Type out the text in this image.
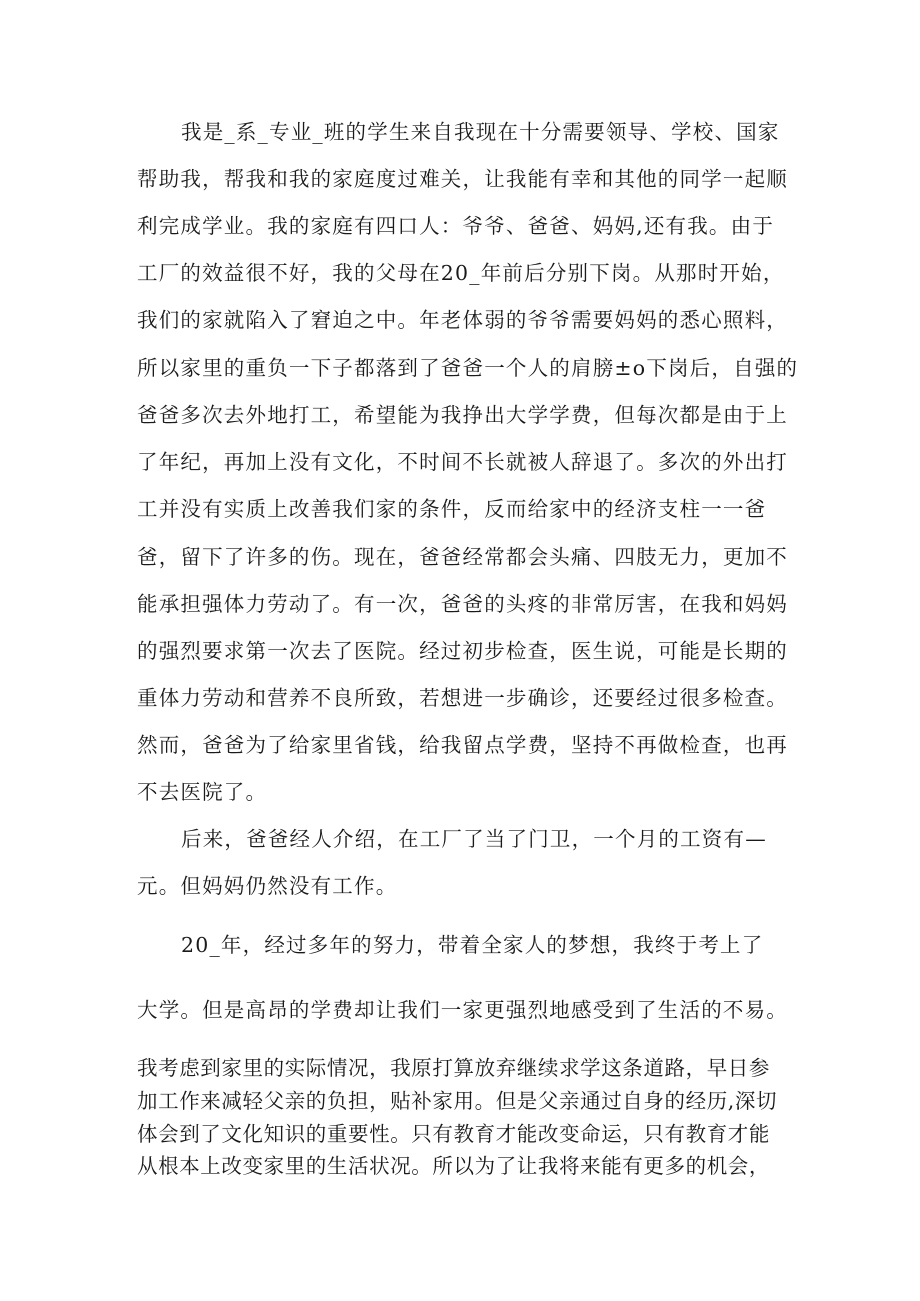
我是_系_专业_班的学生来自我现在十分需要领导、学校、国家
帮助我，帮我和我的家庭度过难关，让我能有幸和其他的同学一起顺
利完成学业。我的家庭有四口人：爷爷、爸爸、妈妈,还有我。由于
工厂的效益很不好，我的父母在20_年前后分别下岗。从那时开始，
我们的家就陷入了窘迫之中。年老体弱的爷爷需要妈妈的悉心照料，
所以家里的重负一下子都落到了爸爸一个人的肩膀±o下岗后，自强的
爸爸多次去外地打工，希望能为我挣出大学学费，但每次都是由于上
了年纪，再加上没有文化，不时间不长就被人辞退了。多次的外出打
工并没有实质上改善我们家的条件，反而给家中的经济支柱一一爸
爸，留下了许多的伤。现在，爸爸经常都会头痛、四肢无力，更加不
能承担强体力劳动了。有一次，爸爸的头疼的非常厉害，在我和妈妈
的强烈要求第一次去了医院。经过初步检查，医生说，可能是长期的
重体力劳动和营养不良所致，若想进一步确诊，还要经过很多检查。
然而，爸爸为了给家里省钱，给我留点学费，坚持不再做检查，也再
不去医院了。
后来，爸爸经人介绍，在工厂了当了门卫，一个月的工资有—
元。但妈妈仍然没有工作。
20_年，经过多年的努力，带着全家人的梦想，我终于考上了
大学。但是高昂的学费却让我们一家更强烈地感受到了生活的不易。
我考虑到家里的实际情况，我原打算放弃继续求学这条道路，早日参
加工作来减轻父亲的负担，贴补家用。但是父亲通过自身的经历,深切
体会到了文化知识的重要性。只有教育才能改变命运，只有教育才能
从根本上改变家里的生活状况。所以为了让我将来能有更多的机会，
